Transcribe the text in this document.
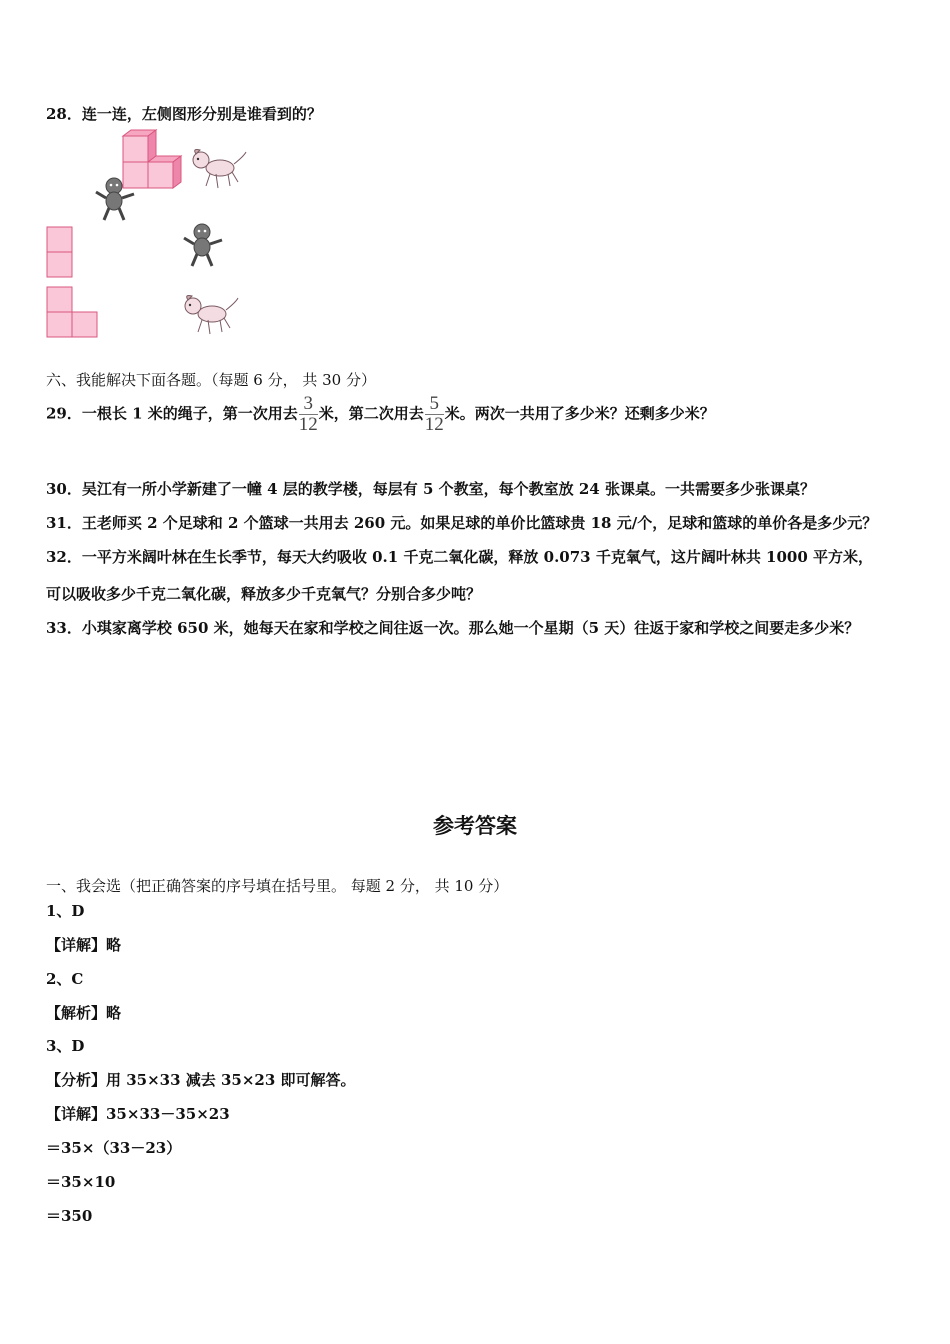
28．连一连，左侧图形分别是谁看到的？
六、我能解决下面各题。（每题 6 分， 共 30 分）
29．一根长 1 米的绳子，第一次用去 $\frac{3}{12}$ 米，第二次用去 $\frac{5}{12}$ 米。两次一共用了多少米？还剩多少米？
30．吴江有一所小学新建了一幢 4 层的教学楼，每层有 5 个教室，每个教室放 24 张课桌。一共需要多少张课桌？
31．王老师买 2 个足球和 2 个篮球一共用去 260 元。如果足球的单价比篮球贵 18 元/个，足球和篮球的单价各是多少元？
32．一平方米阔叶林在生长季节，每天大约吸收 0.1 千克二氧化碳，释放 0.073 千克氧气，这片阔叶林共 1000 平方米，
可以吸收多少千克二氧化碳，释放多少千克氧气？分别合多少吨？
33．小琪家离学校 650 米，她每天在家和学校之间往返一次。那么她一个星期（5 天）往返于家和学校之间要走多少米？
参考答案
一、我会选（把正确答案的序号填在括号里。 每题 2 分， 共 10 分）
1、D
【详解】略
2、C
【解析】略
3、D
【分析】用 35×33 减去 35×23 即可解答。
【详解】35×33－35×23
＝35×（33－23）
＝35×10
＝350
